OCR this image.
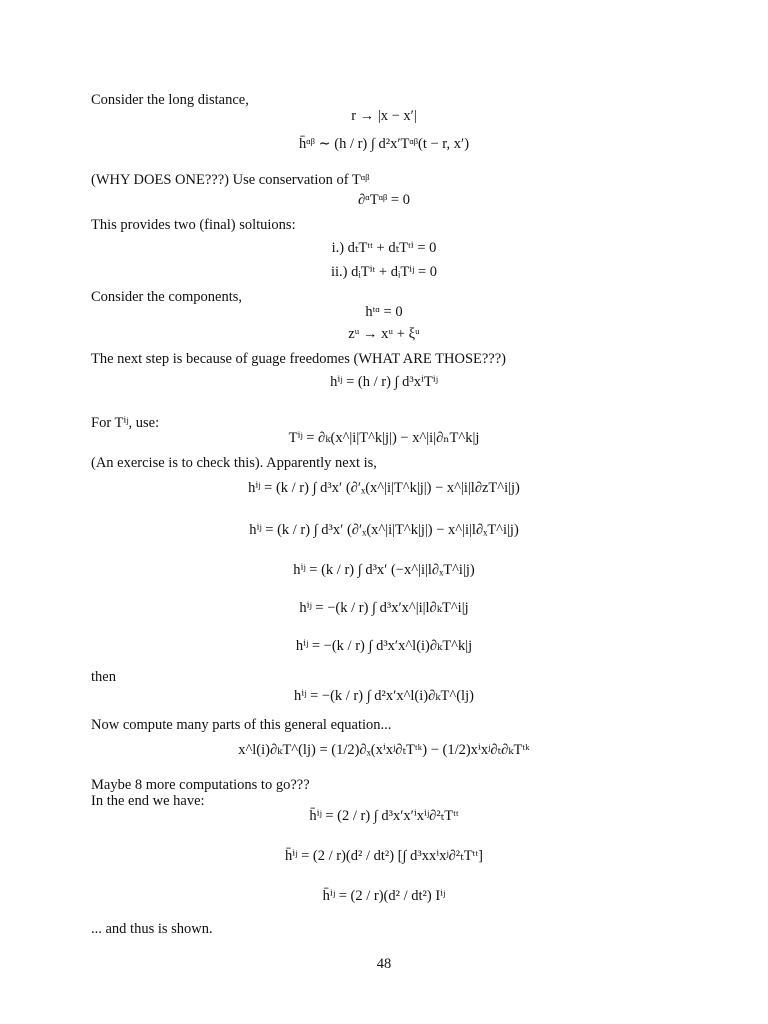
Consider the long distance,
r → |x − x′|
h̄ᵅᵝ ∼ (h / r) ∫ d²x′Tᵅᵝ(t − r, x′)
(WHY DOES ONE???) Use conservation of Tᵅᵝ
∂ᵅTᵅᵝ = 0
This provides two (final) soltuions:
i.) dₜTᵗᵗ + dₜTᵗⁱ = 0
ii.) dᵢTⁱᵗ + dᵢTⁱʲ = 0
Consider the components,
hᵗᵅ = 0
zᵘ → xᵘ + ξᵘ
The next step is because of guage freedomes (WHAT ARE THOSE???)
hⁱʲ = (h / r) ∫ d³xⁱTⁱʲ
For Tⁱʲ, use:
Tⁱʲ = ∂ₖ(x^|i|T^k|j|) − x^|i|∂ₙT^k|j
(An exercise is to check this). Apparently next is,
hⁱʲ = (k / r) ∫ d³x′ (∂′ₓ(x^|i|T^k|j|) − x^|i|l∂zT^i|j)
hⁱʲ = (k / r) ∫ d³x′ (∂′ₓ(x^|i|T^k|j|) − x^|i|l∂ₓT^i|j)
hⁱʲ = (k / r) ∫ d³x′ (−x^|i|l∂ₓT^i|j)
hⁱʲ = −(k / r) ∫ d³x′x^|i|l∂ₖT^i|j
hⁱʲ = −(k / r) ∫ d³x′x^l(i)∂ₖT^k|j
then
hⁱʲ = −(k / r) ∫ d²x′x^l(i)∂ₖT^(lj)
Now compute many parts of this general equation...
x^l(i)∂ₖT^(lj) = (1/2)∂ₓ(xⁱxʲ∂ₜTᵗᵏ) − (1/2)xⁱxʲ∂ₜ∂ₖTᵗᵏ
Maybe 8 more computations to go???
In the end we have:
h̄ⁱʲ = (2 / r) ∫ d³x′x′ⁱxⁱʲ∂²ₜTᵗᵗ
h̄ⁱʲ = (2 / r)(d² / dt²) [∫ d³xxⁱxʲ∂²ₜTᵗᵗ]
h̄ⁱʲ = (2 / r)(d² / dt²) Iⁱʲ
... and thus is shown.
48
